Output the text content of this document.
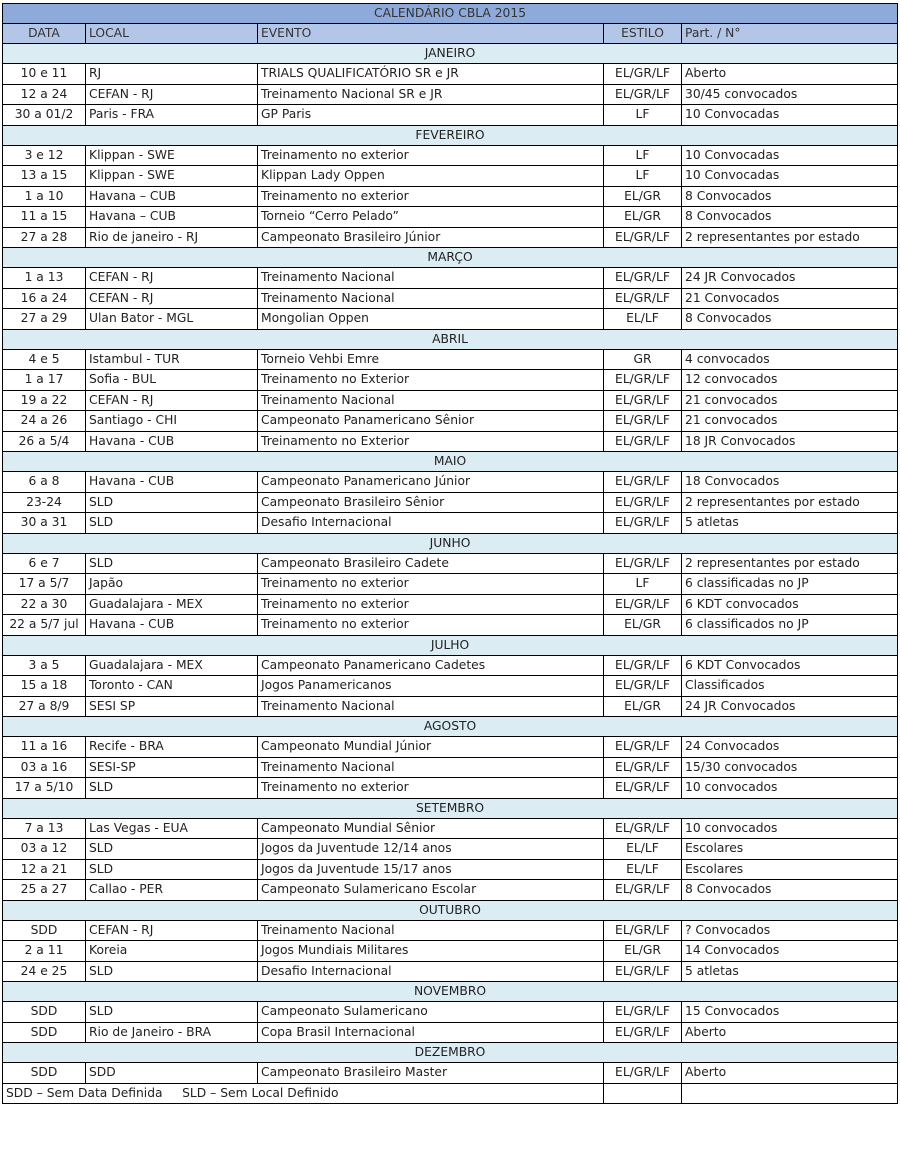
CALENDÁRIO CBLA 2015				
DATA	LOCAL	EVENTO	ESTILO	Part. / N°
JANEIRO				
10 e 11	RJ	TRIALS QUALIFICATÓRIO SR e JR	EL/GR/LF	Aberto
12 a 24	CEFAN - RJ	Treinamento Nacional SR e JR	EL/GR/LF	30/45 convocados
30 a 01/2	Paris - FRA	GP Paris	LF	10 Convocadas
FEVEREIRO				
3 e 12	Klippan - SWE	Treinamento no exterior	LF	10 Convocadas
13 a 15	Klippan - SWE	Klippan Lady Oppen	LF	10 Convocadas
1 a 10	Havana – CUB	Treinamento no exterior	EL/GR	8 Convocados
11 a 15	Havana – CUB	Torneio “Cerro Pelado”	EL/GR	8 Convocados
27 a 28	Rio de janeiro - RJ	Campeonato Brasileiro Júnior	EL/GR/LF	2 representantes por estado
MARÇO				
1 a 13	CEFAN - RJ	Treinamento Nacional	EL/GR/LF	24 JR Convocados
16 a 24	CEFAN - RJ	Treinamento Nacional	EL/GR/LF	21 Convocados
27 a 29	Ulan Bator - MGL	Mongolian Oppen	EL/LF	8 Convocados
ABRIL				
4 e 5	Istambul - TUR	Torneio Vehbi Emre	GR	4 convocados
1 a 17	Sofia - BUL	Treinamento no Exterior	EL/GR/LF	12 convocados
19 a 22	CEFAN - RJ	Treinamento Nacional	EL/GR/LF	21 convocados
24 a 26	Santiago - CHI	Campeonato Panamericano Sênior	EL/GR/LF	21 convocados
26 a 5/4	Havana - CUB	Treinamento no Exterior	EL/GR/LF	18 JR Convocados
MAIO				
6 a 8	Havana - CUB	Campeonato Panamericano Júnior	EL/GR/LF	18 Convocados
23-24	SLD	Campeonato Brasileiro Sênior	EL/GR/LF	2 representantes por estado
30 a 31	SLD	Desafio Internacional	EL/GR/LF	5 atletas
JUNHO				
6 e 7	SLD	Campeonato Brasileiro Cadete	EL/GR/LF	2 representantes por estado
17 a 5/7	Japão	Treinamento no exterior	LF	6 classificadas no JP
22 a 30	Guadalajara - MEX	Treinamento no exterior	EL/GR/LF	6 KDT convocados
22 a 5/7 jul	Havana - CUB	Treinamento no exterior	EL/GR	6 classificados no JP
JULHO				
3 a 5	Guadalajara - MEX	Campeonato Panamericano Cadetes	EL/GR/LF	6 KDT Convocados
15 a 18	Toronto - CAN	Jogos Panamericanos	EL/GR/LF	Classificados
27 a 8/9	SESI SP	Treinamento Nacional	EL/GR	24 JR Convocados
AGOSTO				
11 a 16	Recife - BRA	Campeonato Mundial Júnior	EL/GR/LF	24 Convocados
03 a 16	SESI-SP	Treinamento Nacional	EL/GR/LF	15/30 convocados
17 a 5/10	SLD	Treinamento no exterior	EL/GR/LF	10 convocados
SETEMBRO				
7 a 13	Las Vegas - EUA	Campeonato Mundial Sênior	EL/GR/LF	10 convocados
03 a 12	SLD	Jogos da Juventude 12/14 anos	EL/LF	Escolares
12 a 21	SLD	Jogos da Juventude 15/17 anos	EL/LF	Escolares
25 a 27	Callao - PER	Campeonato Sulamericano Escolar	EL/GR/LF	8 Convocados
OUTUBRO				
SDD	CEFAN - RJ	Treinamento Nacional	EL/GR/LF	? Convocados
2 a 11	Koreia	Jogos Mundiais Militares	EL/GR	14 Convocados
24 e 25	SLD	Desafio Internacional	EL/GR/LF	5 atletas
NOVEMBRO				
SDD	SLD	Campeonato Sulamericano	EL/GR/LF	15 Convocados
SDD	Rio de Janeiro - BRA	Copa Brasil Internacional	EL/GR/LF	Aberto
DEZEMBRO				
SDD	SDD	Campeonato Brasileiro Master	EL/GR/LF	Aberto
SDD – Sem Data Definida     SLD – Sem Local Definido				
